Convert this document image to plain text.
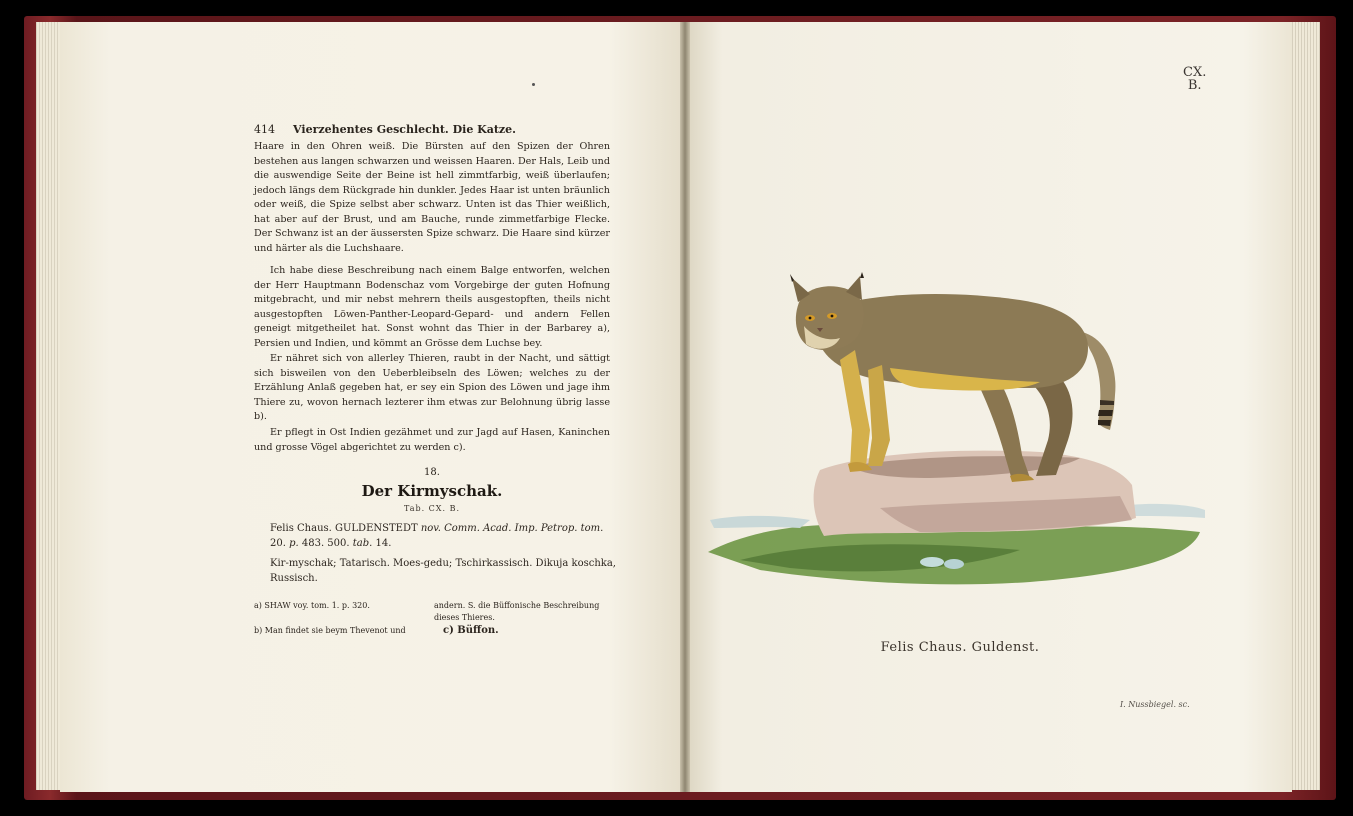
414 Vierzehentes Geschlecht. Die Katze.
Haare in den Ohren weiß. Die Bürsten auf den Spizen der Ohren bestehen aus langen schwarzen und weissen Haaren. Der Hals, Leib und die auswendige Seite der Beine ist hell zimmtfarbig, weiß überlaufen; jedoch längs dem Rückgrade hin dunkler. Jedes Haar ist unten bräunlich oder weiß, die Spize selbst aber schwarz. Unten ist das Thier weißlich, hat aber auf der Brust, und am Bauche, runde zimmetfarbige Flecke. Der Schwanz ist an der äussersten Spize schwarz. Die Haare sind kürzer und härter als die Luchshaare.
Ich habe diese Beschreibung nach einem Balge entworfen, welchen der Herr Hauptmann Bodenschaz vom Vorgebirge der guten Hofnung mitgebracht, und mir nebst mehrern theils ausgestopften, theils nicht ausgestopften Löwen-Panther-Leopard-Gepard- und andern Fellen geneigt mitgetheilet hat. Sonst wohnt das Thier in der Barbarey a), Persien und Indien, und kömmt an Grösse dem Luchse bey.
Er nähret sich von allerley Thieren, raubt in der Nacht, und sättigt sich bisweilen von den Ueberbleibseln des Löwen; welches zu der Erzählung Anlaß gegeben hat, er sey ein Spion des Löwen und jage ihm Thiere zu, wovon hernach lezterer ihm etwas zur Belohnung übrig lasse b).
Er pflegt in Ost Indien gezähmet und zur Jagd auf Hasen, Kaninchen und grosse Vögel abgerichtet zu werden c).
18.
Der Kirmyschak.
Tab. CX. B.
Felis Chaus. GULDENSTEDT nov. Comm. Acad. Imp. Petrop. tom. 20. p. 483. 500. tab. 14.
Kir-myschak; Tatarisch. Moes-gedu; Tschirkassisch. Dikuja koschka, Russisch.
a) SHAW voy. tom. 1. p. 320.
b) Man findet sie beym Thevenot und
andern. S. die Büffonische Beschreibung dieses Thieres.
c) Büffon.
CX.
B.
Felis Chaus. Guldenst.
I. Nussbiegel. sc.
